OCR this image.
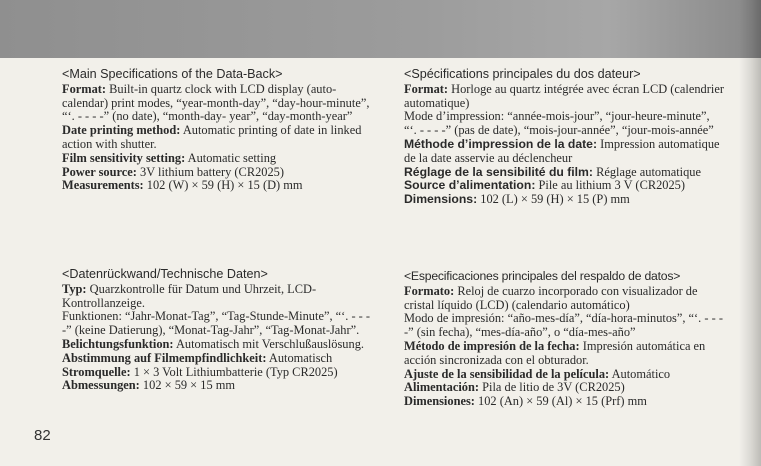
<Main Specifications of the Data-Back>

Format: Built-in quartz clock with LCD display (auto-calendar) print modes, “year-month-day”, “day-hour-minute”, “‘. - - - -” (no date), “month-day- year”, “day-month-year”

Date printing method: Automatic printing of date in linked action with shutter.

Film sensitivity setting: Automatic setting

Power source: 3V lithium battery (CR2025)

Measurements: 102 (W) × 59 (H) × 15 (D) mm

<Datenrückwand/Technische Daten>

Typ: Quarzkontrolle für Datum und Uhrzeit, LCD-Kontrollanzeige.

Funktionen: “Jahr-Monat-Tag”, “Tag-Stunde-Minute”, “‘. - - - -” (keine Datierung), “Monat-Tag-Jahr”, “Tag-Monat-Jahr”.

Belichtungsfunktion: Automatisch mit Verschlußauslösung.

Abstimmung auf Filmempfindlichkeit: Automatisch

Stromquelle: 1 × 3 Volt Lithiumbatterie (Typ CR2025)

Abmessungen: 102 × 59 × 15 mm

<Spécifications principales du dos dateur>

Format: Horloge au quartz intégrée avec écran LCD (calendrier automatique)

Mode d’impression: “année-mois-jour”, “jour-heure-minute”, “‘. - - - -” (pas de date), “mois-jour-année”, “jour-mois-année”

Méthode d’impression de la date: Impression automatique de la date asservie au déclencheur

Réglage de la sensibilité du film: Réglage automatique

Source d’alimentation: Pile au lithium 3 V (CR2025)

Dimensions: 102 (L) × 59 (H) × 15 (P) mm

<Especificaciones principales del respaldo de datos>

Formato: Reloj de cuarzo incorporado con visualizador de cristal líquido (LCD) (calendario automático)

Modo de impresión: “año-mes-día”, “día-hora-minutos”, “‘. - - - -” (sin fecha), “mes-día-año”, o “día-mes-año”

Método de impresión de la fecha: Impresión automática en acción sincronizada con el obturador.

Ajuste de la sensibilidad de la película: Automático

Alimentación: Pila de litio de 3V (CR2025)

Dimensiones: 102 (An) × 59 (Al) × 15 (Prf) mm

82
